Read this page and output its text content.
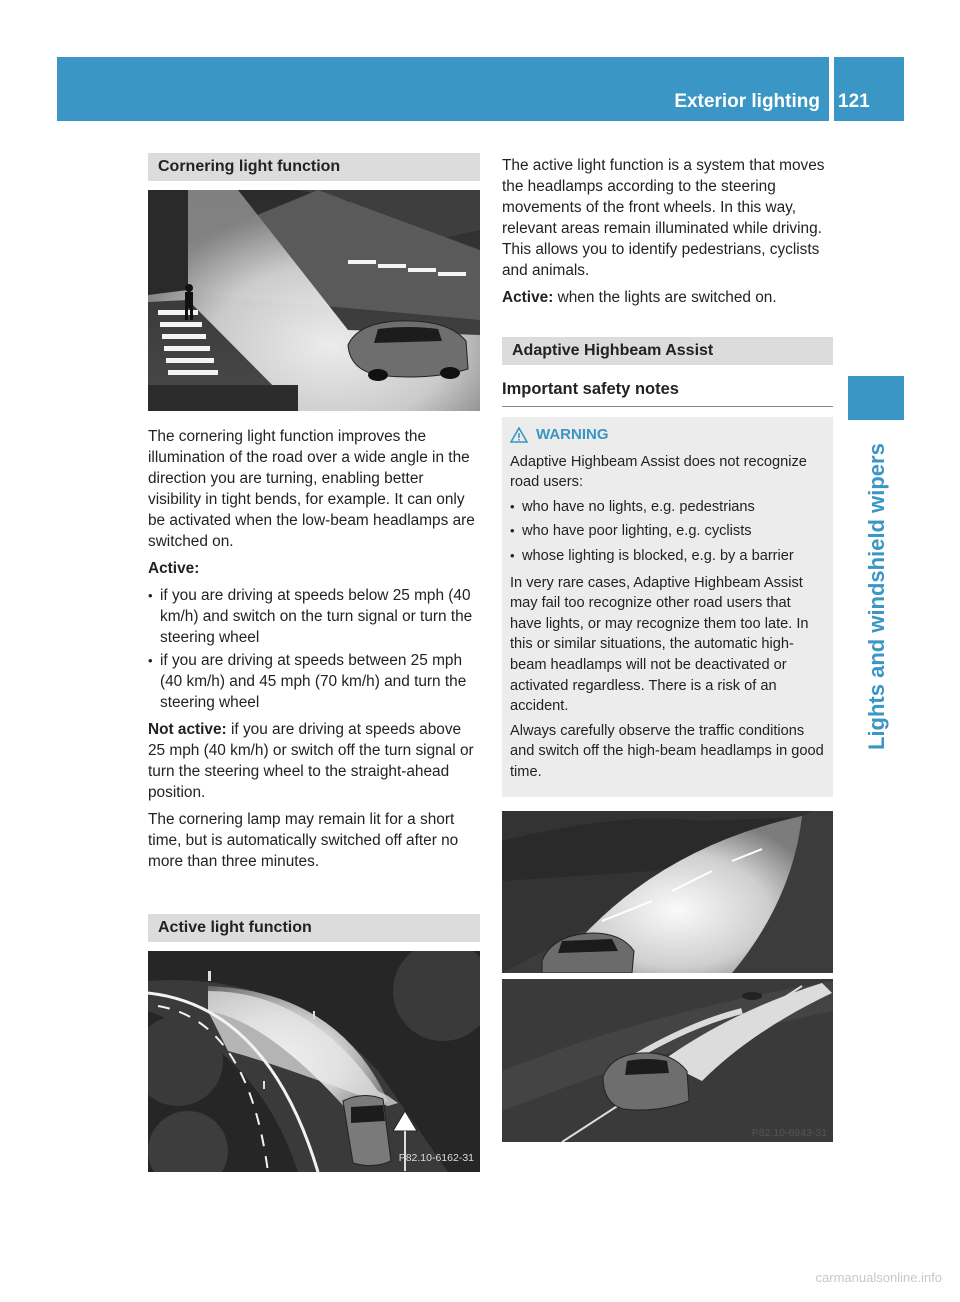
Exterior lighting 121
Lights and windshield wipers
Cornering light function

The cornering light function improves the illumination of the road over a wide angle in the direction you are turning, enabling better visibility in tight bends, for example. It can only be activated when the low-beam headlamps are switched on.

Active:

• if you are driving at speeds below 25 mph (40 km/h) and switch on the turn signal or turn the steering wheel
• if you are driving at speeds between 25 mph (40 km/h) and 45 mph (70 km/h) and turn the steering wheel

Not active: if you are driving at speeds above 25 mph (40 km/h) or switch off the turn signal or turn the steering wheel to the straight-ahead position.

The cornering lamp may remain lit for a short time, but is automatically switched off after no more than three minutes.

Active light function
P82.10-6162-31

The active light function is a system that moves the headlamps according to the steering movements of the front wheels. In this way, relevant areas remain illuminated while driving. This allows you to identify pedestrians, cyclists and animals.

Active: when the lights are switched on.

Adaptive Highbeam Assist
Important safety notes
WARNING

Adaptive Highbeam Assist does not recognize road users:

• who have no lights, e.g. pedestrians
• who have poor lighting, e.g. cyclists
• whose lighting is blocked, e.g. by a barrier

In very rare cases, Adaptive Highbeam Assist may fail too recognize other road users that have lights, or may recognize them too late. In this or similar situations, the automatic high-beam headlamps will not be deactivated or activated regardless. There is a risk of an accident.

Always carefully observe the traffic conditions and switch off the high-beam headlamps in good time.

P82.10-6943-31
carmanualsonline.info
